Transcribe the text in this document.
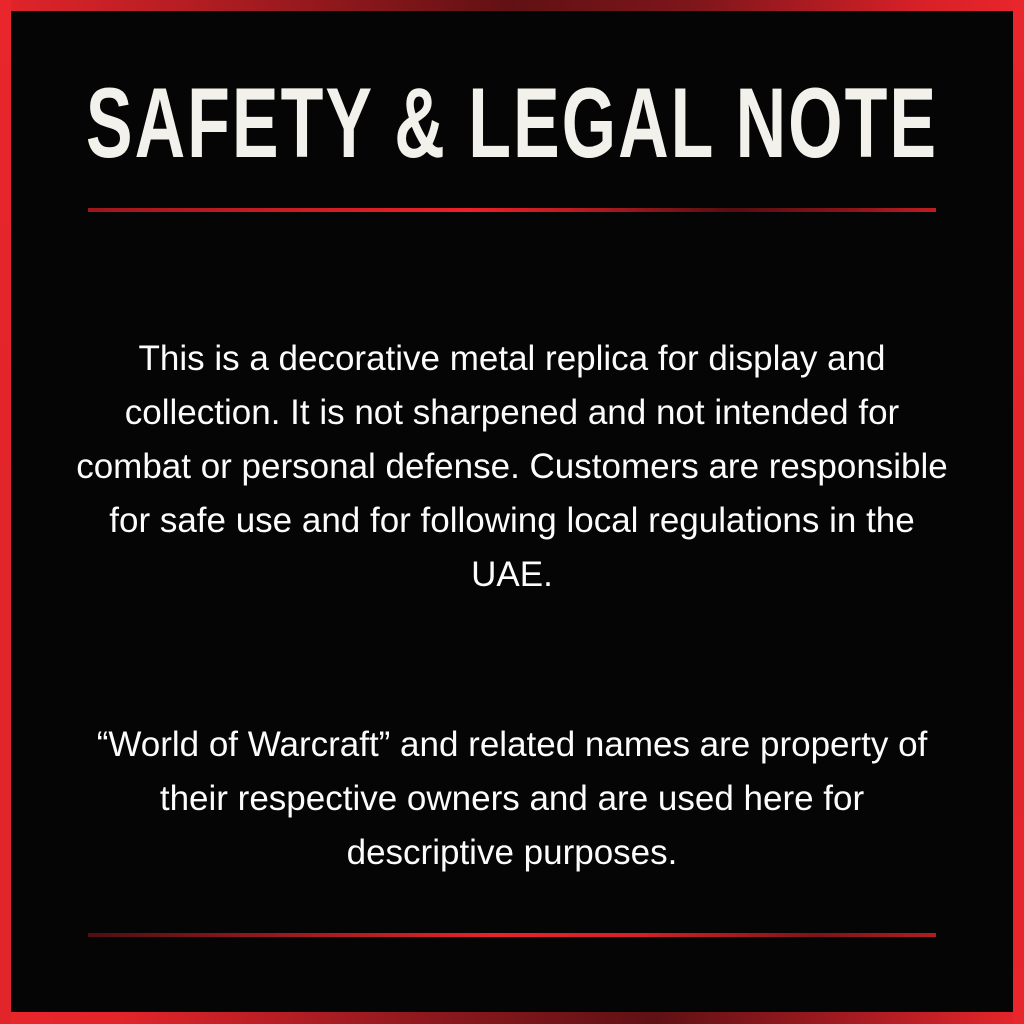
SAFETY & LEGAL NOTE

This is a decorative metal replica for display and collection. It is not sharpened and not intended for combat or personal defense. Customers are responsible for safe use and for following local regulations in the UAE.

“World of Warcraft” and related names are property of their respective owners and are used here for descriptive purposes.
